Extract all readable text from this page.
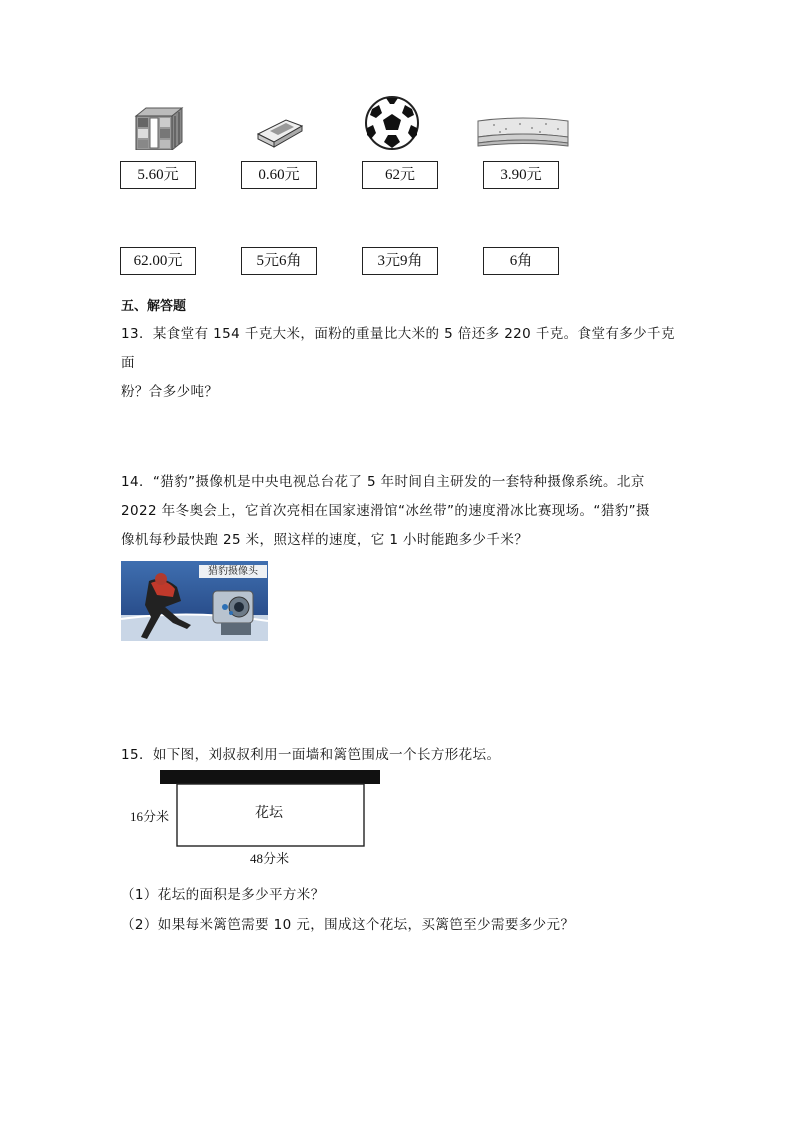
5.60元	0.60元	62元	3.90元
62.00元	5元6角	3元9角	6角
五、解答题
13．某食堂有 154 千克大米，面粉的重量比大米的 5 倍还多 220 千克。食堂有多少千克面
粉？合多少吨？
14．“猎豹”摄像机是中央电视总台花了 5 年时间自主研发的一套特种摄像系统。北京
2022 年冬奥会上，它首次亮相在国家速滑馆“冰丝带”的速度滑冰比赛现场。“猎豹”摄
像机每秒最快跑 25 米，照这样的速度，它 1 小时能跑多少千米？
猎豹摄像头
15．如下图，刘叔叔利用一面墙和篱笆围成一个长方形花坛。
16分米
48分米
花坛
（1）花坛的面积是多少平方米？
（2）如果每米篱笆需要 10 元，围成这个花坛，买篱笆至少需要多少元？
